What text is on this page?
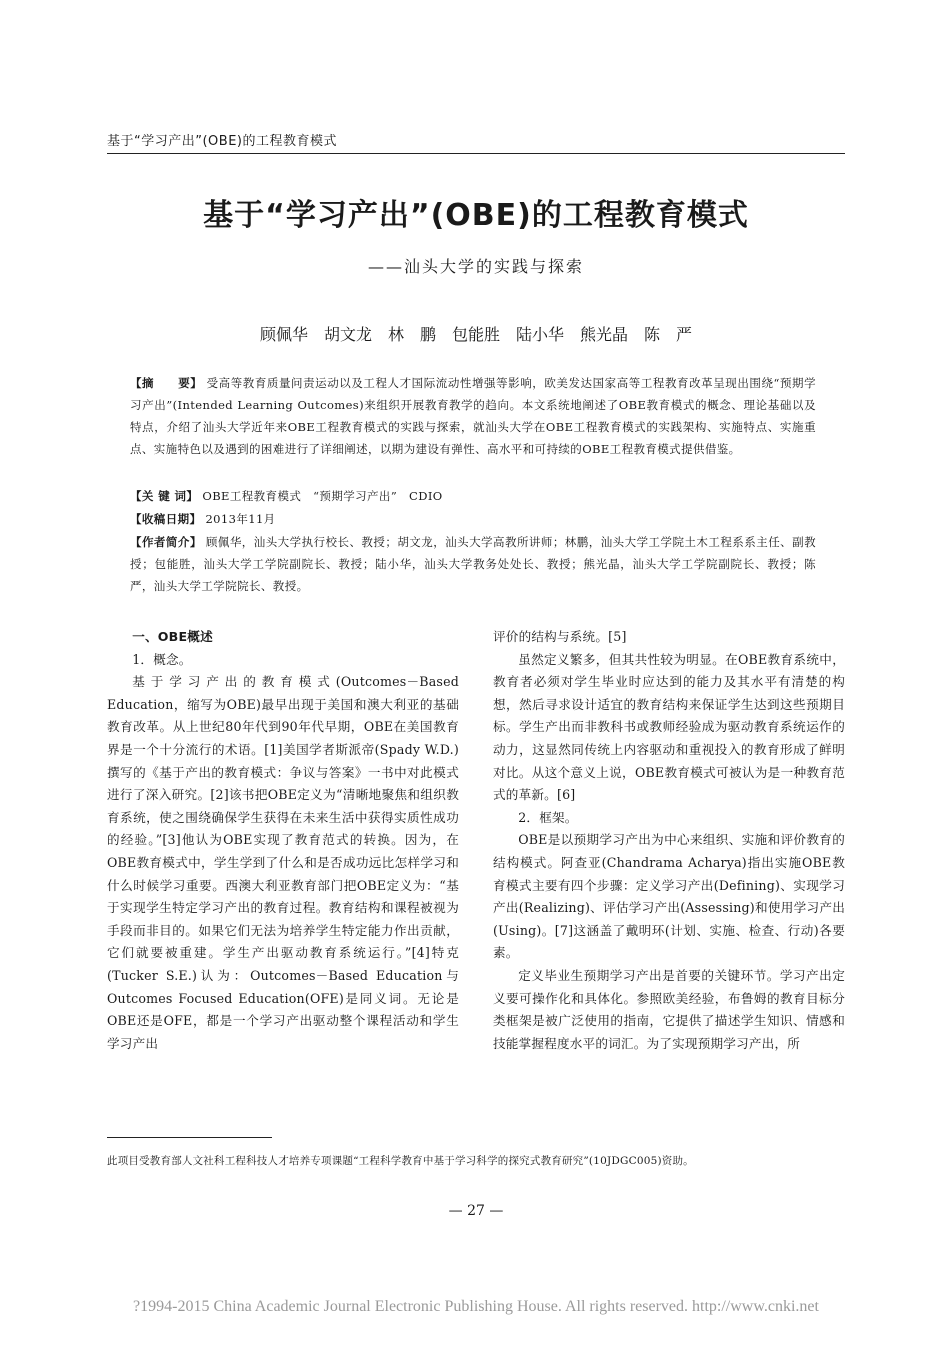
基于“学习产出”(OBE)的工程教育模式
基于“学习产出”(OBE)的工程教育模式
——汕头大学的实践与探索
顾佩华　胡文龙　林　鹏　包能胜　陆小华　熊光晶　陈　严
【摘　　要】 受高等教育质量问责运动以及工程人才国际流动性增强等影响，欧美发达国家高等工程教育改革呈现出围绕“预期学习产出”(Intended Learning Outcomes)来组织开展教育教学的趋向。本文系统地阐述了OBE教育模式的概念、理论基础以及特点，介绍了汕头大学近年来OBE工程教育模式的实践与探索，就汕头大学在OBE工程教育模式的实践架构、实施特点、实施重点、实施特色以及遇到的困难进行了详细阐述，以期为建设有弹性、高水平和可持续的OBE工程教育模式提供借鉴。
【关 键 词】 OBE工程教育模式　“预期学习产出”　CDIO
【收稿日期】 2013年11月
【作者简介】 顾佩华，汕头大学执行校长、教授；胡文龙，汕头大学高教所讲师；林鹏，汕头大学工学院土木工程系系主任、副教授；包能胜，汕头大学工学院副院长、教授；陆小华，汕头大学教务处处长、教授；熊光晶，汕头大学工学院副院长、教授；陈严，汕头大学工学院院长、教授。

一、OBE概述

1．概念。

基于学习产出的教育模式(Outcomes－Based Education，缩写为OBE)最早出现于美国和澳大利亚的基础教育改革。从上世纪80年代到90年代早期，OBE在美国教育界是一个十分流行的术语。[1]美国学者斯派帝(Spady W.D.)撰写的《基于产出的教育模式：争议与答案》一书中对此模式进行了深入研究。[2]该书把OBE定义为“清晰地聚焦和组织教育系统，使之围绕确保学生获得在未来生活中获得实质性成功的经验。”[3]他认为OBE实现了教育范式的转换。因为，在OBE教育模式中，学生学到了什么和是否成功远比怎样学习和什么时候学习重要。西澳大利亚教育部门把OBE定义为：“基于实现学生特定学习产出的教育过程。教育结构和课程被视为手段而非目的。如果它们无法为培养学生特定能力作出贡献，它们就要被重建。学生产出驱动教育系统运行。”[4]特克(Tucker S.E.)认为：Outcomes－Based Education与Outcomes Focused Education(OFE)是同义词。无论是OBE还是OFE，都是一个学习产出驱动整个课程活动和学生学习产出

评价的结构与系统。[5]

虽然定义繁多，但其共性较为明显。在OBE教育系统中，教育者必须对学生毕业时应达到的能力及其水平有清楚的构想，然后寻求设计适宜的教育结构来保证学生达到这些预期目标。学生产出而非教科书或教师经验成为驱动教育系统运作的动力，这显然同传统上内容驱动和重视投入的教育形成了鲜明对比。从这个意义上说，OBE教育模式可被认为是一种教育范式的革新。[6]

2．框架。

OBE是以预期学习产出为中心来组织、实施和评价教育的结构模式。阿查亚(Chandrama Acharya)指出实施OBE教育模式主要有四个步骤：定义学习产出(Defining)、实现学习产出(Realizing)、评估学习产出(Assessing)和使用学习产出(Using)。[7]这涵盖了戴明环(计划、实施、检查、行动)各要素。

定义毕业生预期学习产出是首要的关键环节。学习产出定义要可操作化和具体化。参照欧美经验，布鲁姆的教育目标分类框架是被广泛使用的指南，它提供了描述学生知识、情感和技能掌握程度水平的词汇。为了实现预期学习产出，所

此项目受教育部人文社科工程科技人才培养专项课题“工程科学教育中基于学习科学的探究式教育研究”(10JDGC005)资助。
— 27 —
?1994-2015 China Academic Journal Electronic Publishing House. All rights reserved. http://www.cnki.net
